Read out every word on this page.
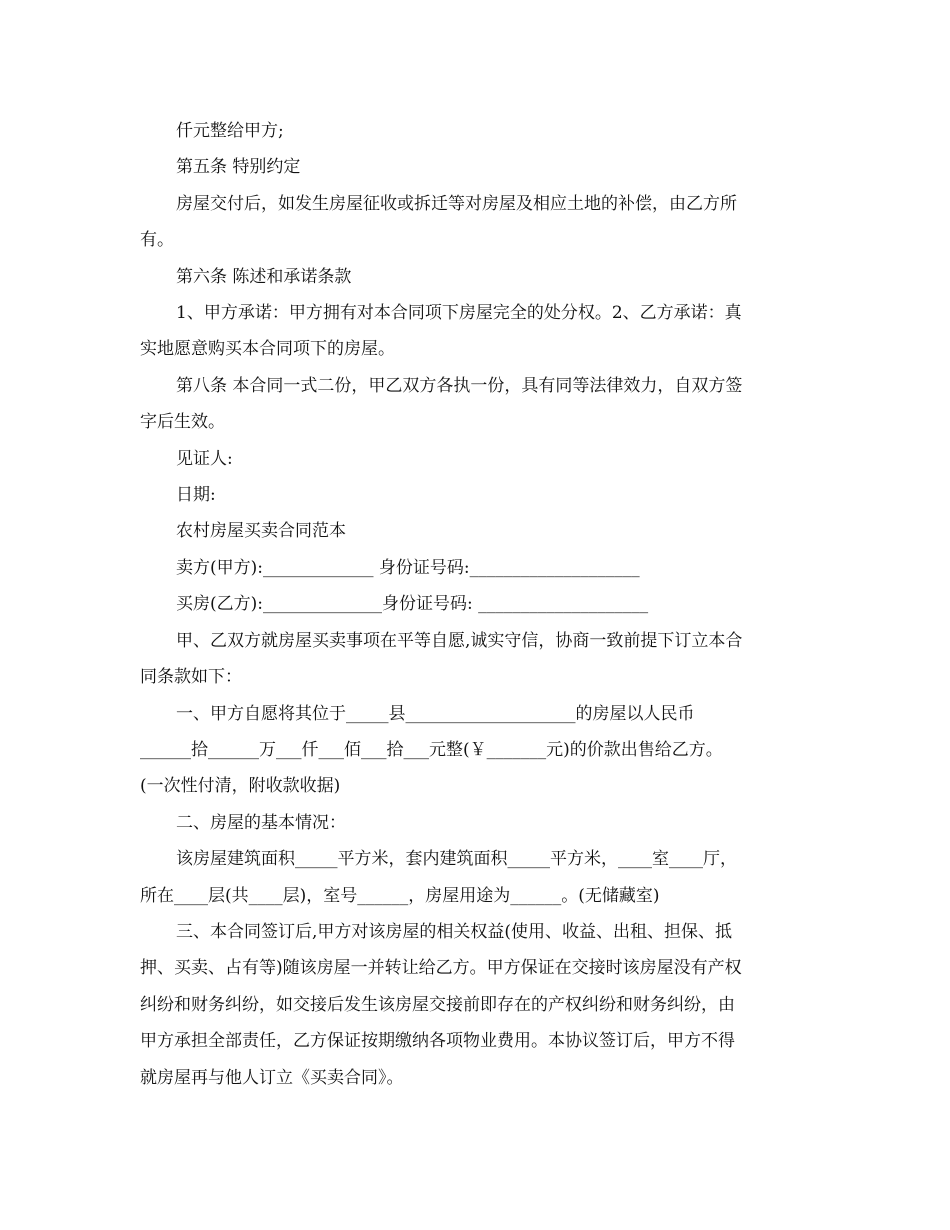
仟元整给甲方;
第五条 特别约定
房屋交付后，如发生房屋征收或拆迁等对房屋及相应土地的补偿，由乙方所
有。
第六条 陈述和承诺条款
1、甲方承诺：甲方拥有对本合同项下房屋完全的处分权。2、乙方承诺：真
实地愿意购买本合同项下的房屋。
第八条 本合同一式二份，甲乙双方各执一份，具有同等法律效力，自双方签
字后生效。
见证人:
日期:
农村房屋买卖合同范本
卖方(甲方):_____________ 身份证号码:____________________
买房(乙方):______________身份证号码: ____________________
甲、乙双方就房屋买卖事项在平等自愿,诚实守信，协商一致前提下订立本合
同条款如下：
一、甲方自愿将其位于_____县____________________的房屋以人民币
______拾______万___仟___佰___拾___元整(￥_______元)的价款出售给乙方。
(一次性付清，附收款收据)
二、房屋的基本情况：
该房屋建筑面积_____平方米，套内建筑面积_____平方米，____室____厅，
所在____层(共____层)，室号______，房屋用途为______。(无储藏室)
三、本合同签订后,甲方对该房屋的相关权益(使用、收益、出租、担保、抵
押、买卖、占有等)随该房屋一并转让给乙方。甲方保证在交接时该房屋没有产权
纠纷和财务纠纷，如交接后发生该房屋交接前即存在的产权纠纷和财务纠纷，由
甲方承担全部责任，乙方保证按期缴纳各项物业费用。本协议签订后，甲方不得
就房屋再与他人订立《买卖合同》。
